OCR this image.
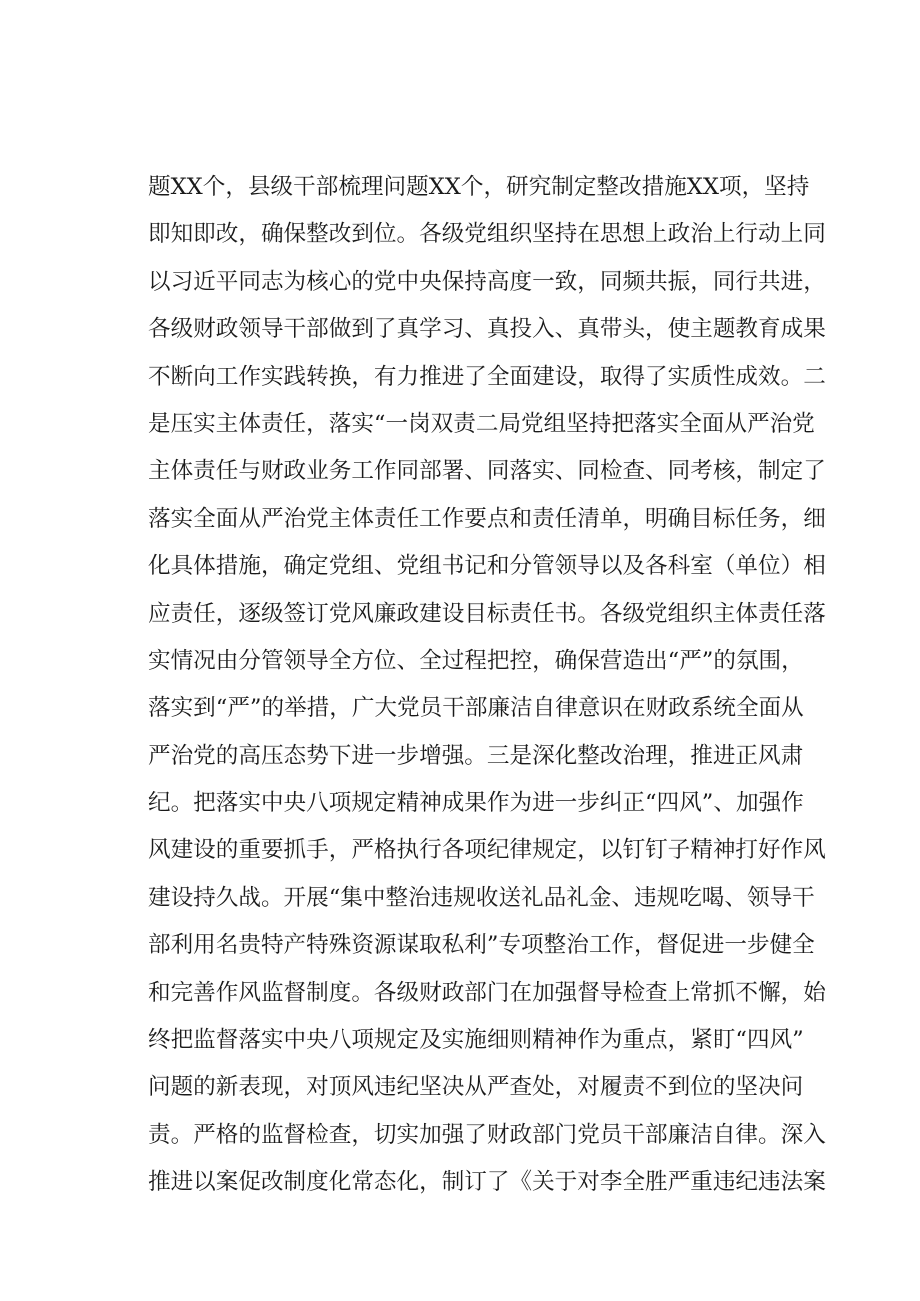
题XX个，县级干部梳理问题XX个，研究制定整改措施XX项，坚持
即知即改，确保整改到位。各级党组织坚持在思想上政治上行动上同
以习近平同志为核心的党中央保持高度一致，同频共振，同行共进，
各级财政领导干部做到了真学习、真投入、真带头，使主题教育成果
不断向工作实践转换，有力推进了全面建设，取得了实质性成效。二
是压实主体责任，落实“一岗双责二局党组坚持把落实全面从严治党
主体责任与财政业务工作同部署、同落实、同检查、同考核，制定了
落实全面从严治党主体责任工作要点和责任清单，明确目标任务，细
化具体措施，确定党组、党组书记和分管领导以及各科室（单位）相
应责任，逐级签订党风廉政建设目标责任书。各级党组织主体责任落
实情况由分管领导全方位、全过程把控，确保营造出“严”的氛围，
落实到“严”的举措，广大党员干部廉洁自律意识在财政系统全面从
严治党的高压态势下进一步增强。三是深化整改治理，推进正风肃
纪。把落实中央八项规定精神成果作为进一步纠正“四风”、加强作
风建设的重要抓手，严格执行各项纪律规定，以钉钉子精神打好作风
建设持久战。开展“集中整治违规收送礼品礼金、违规吃喝、领导干
部利用名贵特产特殊资源谋取私利”专项整治工作，督促进一步健全
和完善作风监督制度。各级财政部门在加强督导检查上常抓不懈，始
终把监督落实中央八项规定及实施细则精神作为重点，紧盯“四风”
问题的新表现，对顶风违纪坚决从严查处，对履责不到位的坚决问
责。严格的监督检查，切实加强了财政部门党员干部廉洁自律。深入
推进以案促改制度化常态化，制订了《关于对李全胜严重违纪违法案
